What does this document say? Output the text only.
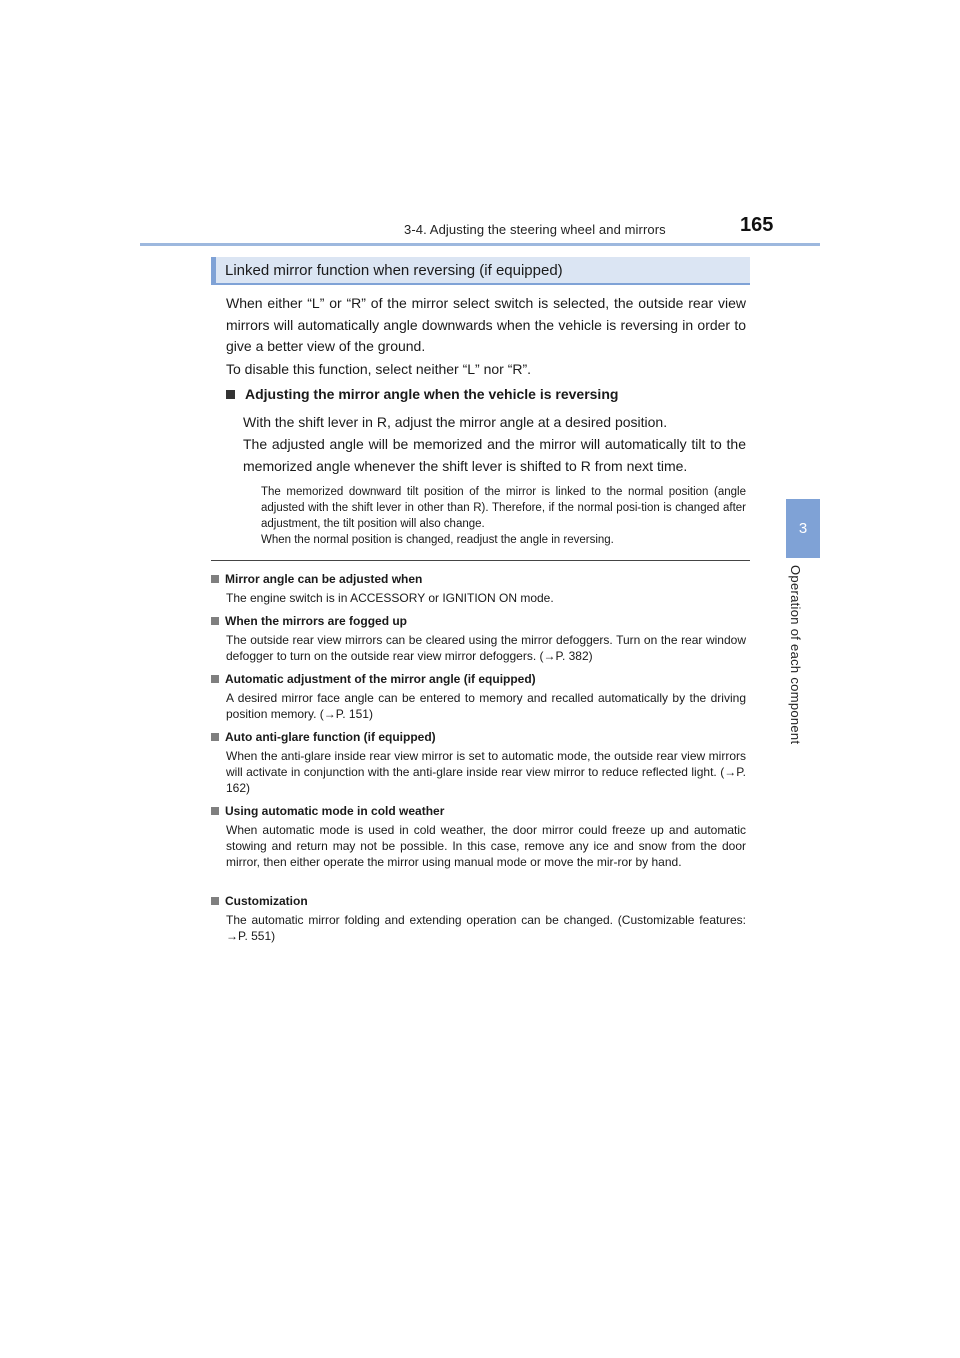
3-4. Adjusting the steering wheel and mirrors	165
3
Operation of each component
Linked mirror function when reversing (if equipped)
When either “L” or “R” of the mirror select switch is selected, the outside rear view mirrors will automatically angle downwards when the vehicle is reversing in order to give a better view of the ground.
To disable this function, select neither “L” nor “R”.
Adjusting the mirror angle when the vehicle is reversing
With the shift lever in R, adjust the mirror angle at a desired position.
The adjusted angle will be memorized and the mirror will automatically tilt to the memorized angle whenever the shift lever is shifted to R from next time.
The memorized downward tilt position of the mirror is linked to the normal position (angle adjusted with the shift lever in other than R). Therefore, if the normal posi-tion is changed after adjustment, the tilt position will also change.
When the normal position is changed, readjust the angle in reversing.
Mirror angle can be adjusted when
The engine switch is in ACCESSORY or IGNITION ON mode.
When the mirrors are fogged up
The outside rear view mirrors can be cleared using the mirror defoggers. Turn on the rear window defogger to turn on the outside rear view mirror defoggers. (→P. 382)
Automatic adjustment of the mirror angle (if equipped)
A desired mirror face angle can be entered to memory and recalled automatically by the driving position memory. (→P. 151)
Auto anti-glare function (if equipped)
When the anti-glare inside rear view mirror is set to automatic mode, the outside rear view mirrors will activate in conjunction with the anti-glare inside rear view mirror to reduce reflected light. (→P. 162)
Using automatic mode in cold weather
When automatic mode is used in cold weather, the door mirror could freeze up and automatic stowing and return may not be possible. In this case, remove any ice and snow from the door mirror, then either operate the mirror using manual mode or move the mir-ror by hand.
Customization
The automatic mirror folding and extending operation can be changed. (Customizable features: →P. 551)
